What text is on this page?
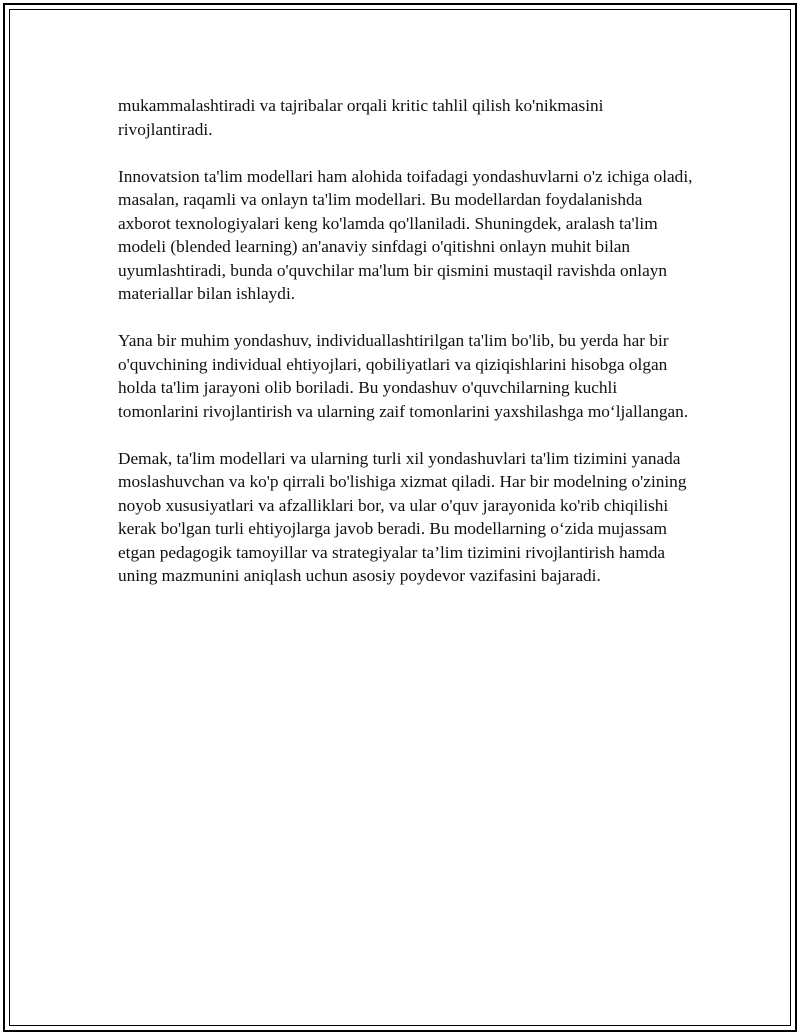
mukammalashtiradi va tajribalar orqali kritic tahlil qilish ko'nikmasini rivojlantiradi.

Innovatsion ta'lim modellari ham alohida toifadagi yondashuvlarni o'z ichiga oladi, masalan, raqamli va onlayn ta'lim modellari. Bu modellardan foydalanishda axborot texnologiyalari keng ko'lamda qo'llaniladi. Shuningdek, aralash ta'lim modeli (blended learning) an'anaviy sinfdagi o'qitishni onlayn muhit bilan uyumlashtiradi, bunda o'quvchilar ma'lum bir qismini mustaqil ravishda onlayn materiallar bilan ishlaydi.

Yana bir muhim yondashuv, individuallashtirilgan ta'lim bo'lib, bu yerda har bir o'quvchining individual ehtiyojlari, qobiliyatlari va qiziqishlarini hisobga olgan holda ta'lim jarayoni olib boriladi. Bu yondashuv o'quvchilarning kuchli tomonlarini rivojlantirish va ularning zaif tomonlarini yaxshilashga mo‘ljallangan.

Demak, ta'lim modellari va ularning turli xil yondashuvlari ta'lim tizimini yanada moslashuvchan va ko'p qirrali bo'lishiga xizmat qiladi. Har bir modelning o'zining noyob xususiyatlari va afzalliklari bor, va ular o'quv jarayonida ko'rib chiqilishi kerak bo'lgan turli ehtiyojlarga javob beradi. Bu modellarning o‘zida mujassam etgan pedagogik tamoyillar va strategiyalar ta’lim tizimini rivojlantirish hamda uning mazmunini aniqlash uchun asosiy poydevor vazifasini bajaradi.
